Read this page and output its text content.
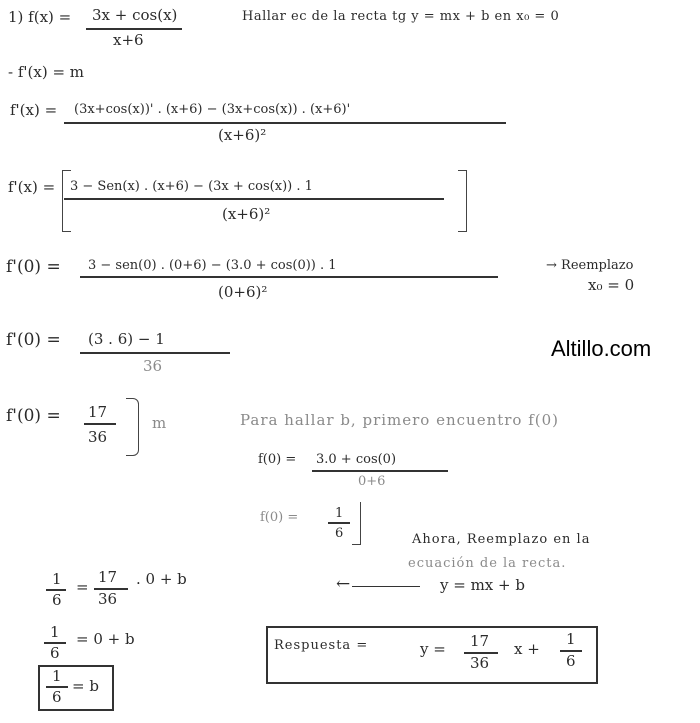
1) f(x) = 3x + cos(x)
x+6
Hallar ec de la recta tg y = mx + b en x₀ = 0
- f'(x) = m
f'(x) = (3x+cos(x))' . (x+6) − (3x+cos(x)) . (x+6)'
(x+6)²
f'(x) = 3 − Sen(x) . (x+6) − (3x + cos(x)) . 1
(x+6)²
f'(0) = 3 − sen(0) . (0+6) − (3.0 + cos(0)) . 1
(0+6)²
→ Reemplazo
x₀ = 0
f'(0) = (3 . 6) − 1
36
Altillo.com
f'(0) = 17
36
m	Para hallar b, primero encuentro f(0)
f(0) = 3.0 + cos(0)
0+6
f(0) =	1
6	Ahora, Reemplazo en la
ecuación de la recta.
←	y = mx + b
1
6
=
17
36
. 0 + b
1
6
= 0 + b
1
6
= b
Respuesta =	y = 17
36
x +
1
6
